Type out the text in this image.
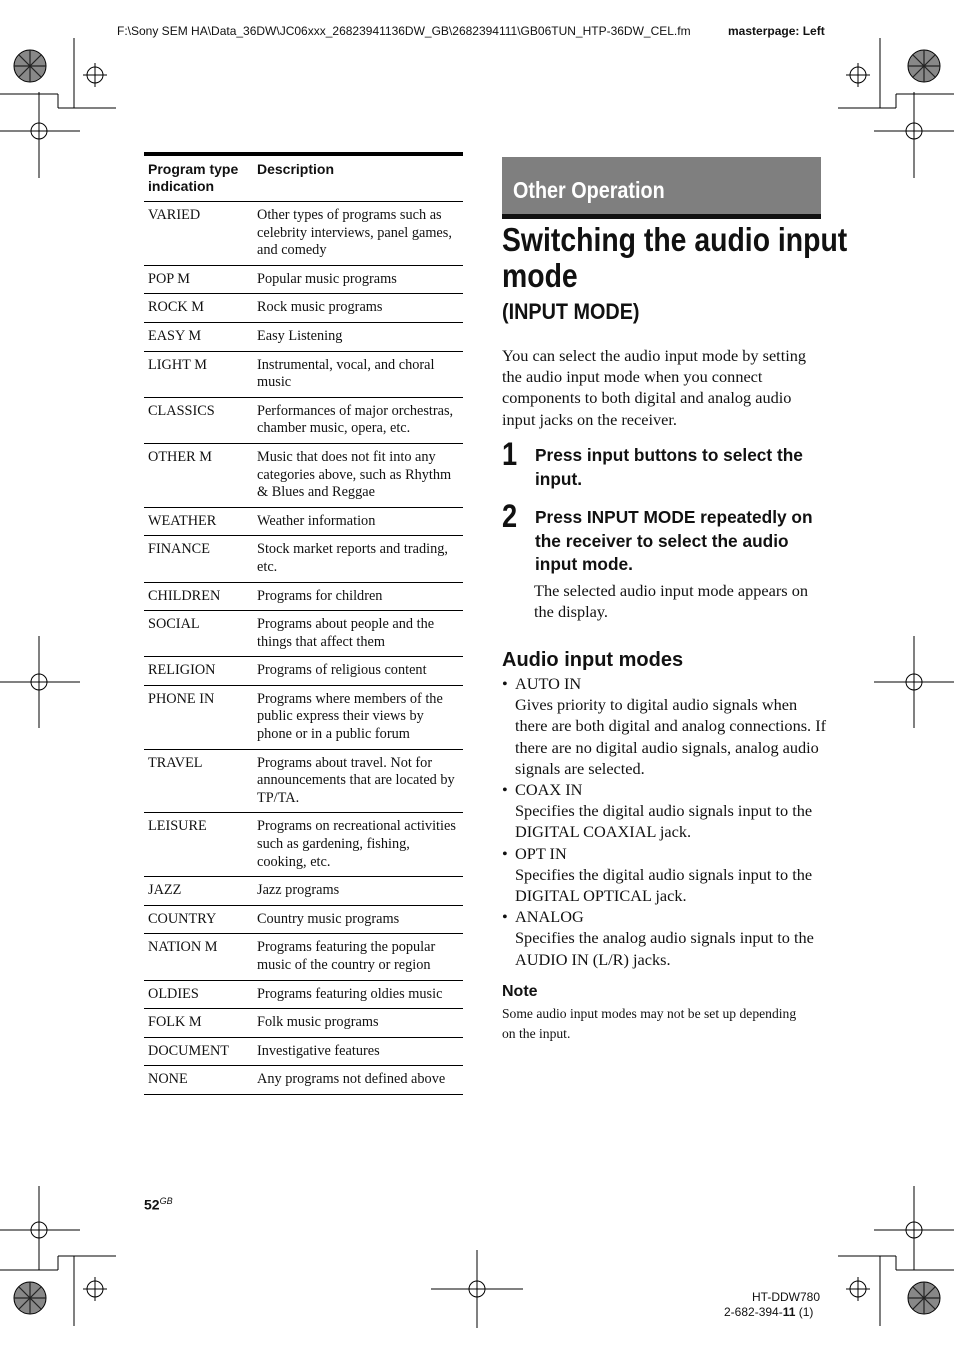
F:\Sony SEM HA\Data_36DW\JC06xxx_26823941136DW_GB\2682394111\GB06TUN_HTP-36DW_CEL.fm	masterpage: Left
Program type indication	Description
VARIED	Other types of programs such as celebrity interviews, panel games, and comedy
POP M	Popular music programs
ROCK M	Rock music programs
EASY M	Easy Listening
LIGHT M	Instrumental, vocal, and choral music
CLASSICS	Performances of major orchestras, chamber music, opera, etc.
OTHER M	Music that does not fit into any categories above, such as Rhythm & Blues and Reggae
WEATHER	Weather information
FINANCE	Stock market reports and trading, etc.
CHILDREN	Programs for children
SOCIAL	Programs about people and the things that affect them
RELIGION	Programs of religious content
PHONE IN	Programs where members of the public express their views by phone or in a public forum
TRAVEL	Programs about travel. Not for announcements that are located by TP/TA.
LEISURE	Programs on recreational activities such as gardening, fishing, cooking, etc.
JAZZ	Jazz programs
COUNTRY	Country music programs
NATION M	Programs featuring the popular music of the country or region
OLDIES	Programs featuring oldies music
FOLK M	Folk music programs
DOCUMENT	Investigative features
NONE	Any programs not defined above
Other Operation
Switching the audio input mode
(INPUT MODE)
You can select the audio input mode by setting the audio input mode when you connect components to both digital and analog audio input jacks on the receiver.
1 Press input buttons to select the input.
2 Press INPUT MODE repeatedly on the receiver to select the audio input mode.
The selected audio input mode appears on the display.
Audio input modes
• AUTO IN
Gives priority to digital audio signals when there are both digital and analog connections. If there are no digital audio signals, analog audio signals are selected.
• COAX IN
Specifies the digital audio signals input to the DIGITAL COAXIAL jack.
• OPT IN
Specifies the digital audio signals input to the DIGITAL OPTICAL jack.
• ANALOG
Specifies the analog audio signals input to the AUDIO IN (L/R) jacks.
Note
Some audio input modes may not be set up depending on the input.
$52^{GB}$
HT-DDW780
2-682-394-11 (1)
